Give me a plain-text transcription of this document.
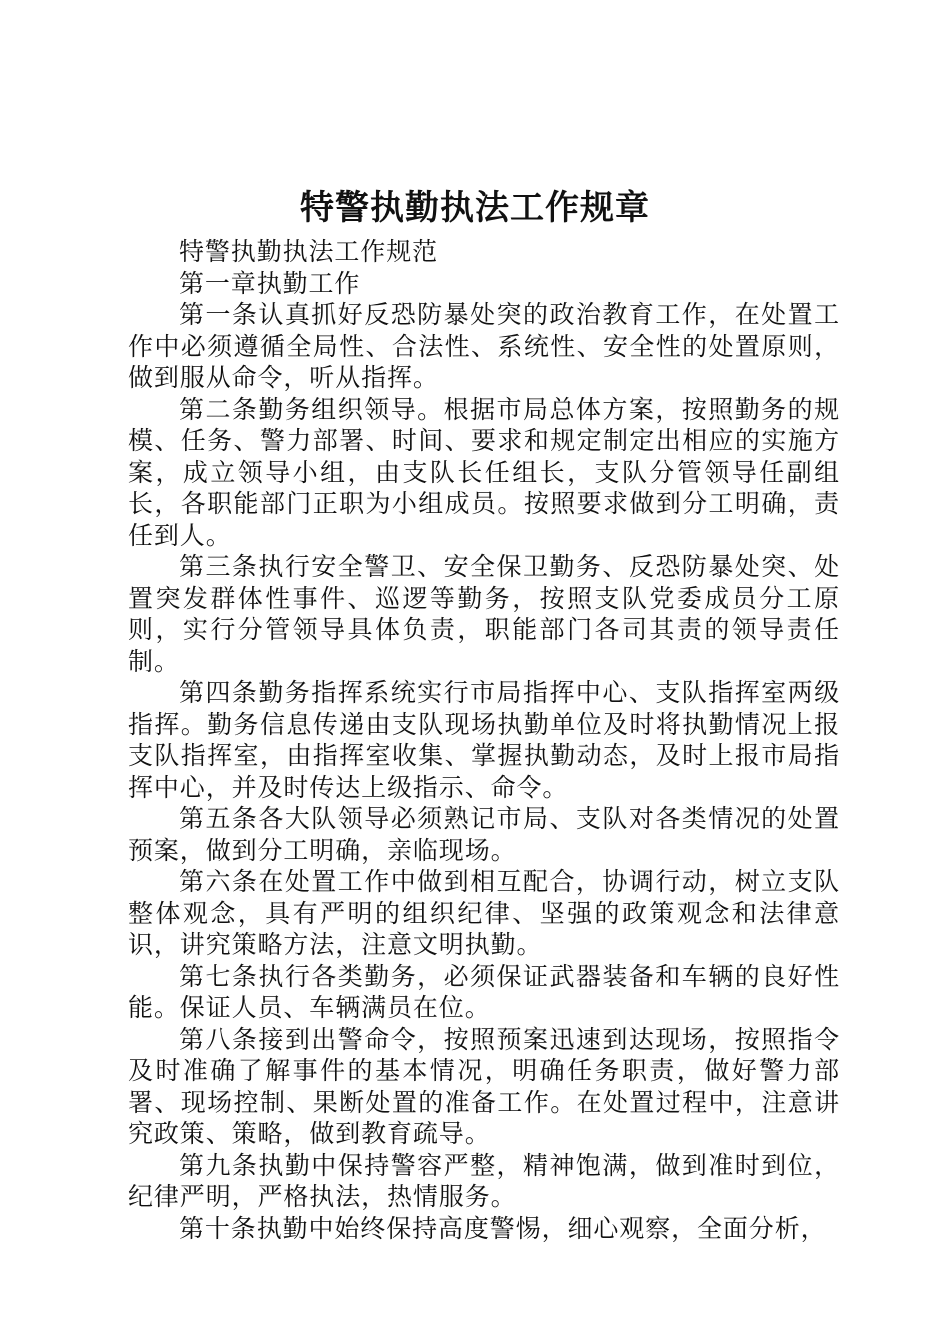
特警执勤执法工作规章

特警执勤执法工作规范

第一章执勤工作

第一条认真抓好反恐防暴处突的政治教育工作，在处置工作中必须遵循全局性、合法性、系统性、安全性的处置原则，做到服从命令，听从指挥。

第二条勤务组织领导。根据市局总体方案，按照勤务的规模、任务、警力部署、时间、要求和规定制定出相应的实施方案，成立领导小组，由支队长任组长，支队分管领导任副组长，各职能部门正职为小组成员。按照要求做到分工明确，责任到人。

第三条执行安全警卫、安全保卫勤务、反恐防暴处突、处置突发群体性事件、巡逻等勤务，按照支队党委成员分工原则，实行分管领导具体负责，职能部门各司其责的领导责任制。

第四条勤务指挥系统实行市局指挥中心、支队指挥室两级指挥。勤务信息传递由支队现场执勤单位及时将执勤情况上报支队指挥室，由指挥室收集、掌握执勤动态，及时上报市局指挥中心，并及时传达上级指示、命令。

第五条各大队领导必须熟记市局、支队对各类情况的处置预案，做到分工明确，亲临现场。

第六条在处置工作中做到相互配合，协调行动，树立支队整体观念，具有严明的组织纪律、坚强的政策观念和法律意识，讲究策略方法，注意文明执勤。

第七条执行各类勤务，必须保证武器装备和车辆的良好性能。保证人员、车辆满员在位。

第八条接到出警命令，按照预案迅速到达现场，按照指令及时准确了解事件的基本情况，明确任务职责，做好警力部署、现场控制、果断处置的准备工作。在处置过程中，注意讲究政策、策略，做到教育疏导。

第九条执勤中保持警容严整，精神饱满，做到准时到位，纪律严明，严格执法，热情服务。

第十条执勤中始终保持高度警惕，细心观察，全面分析，
